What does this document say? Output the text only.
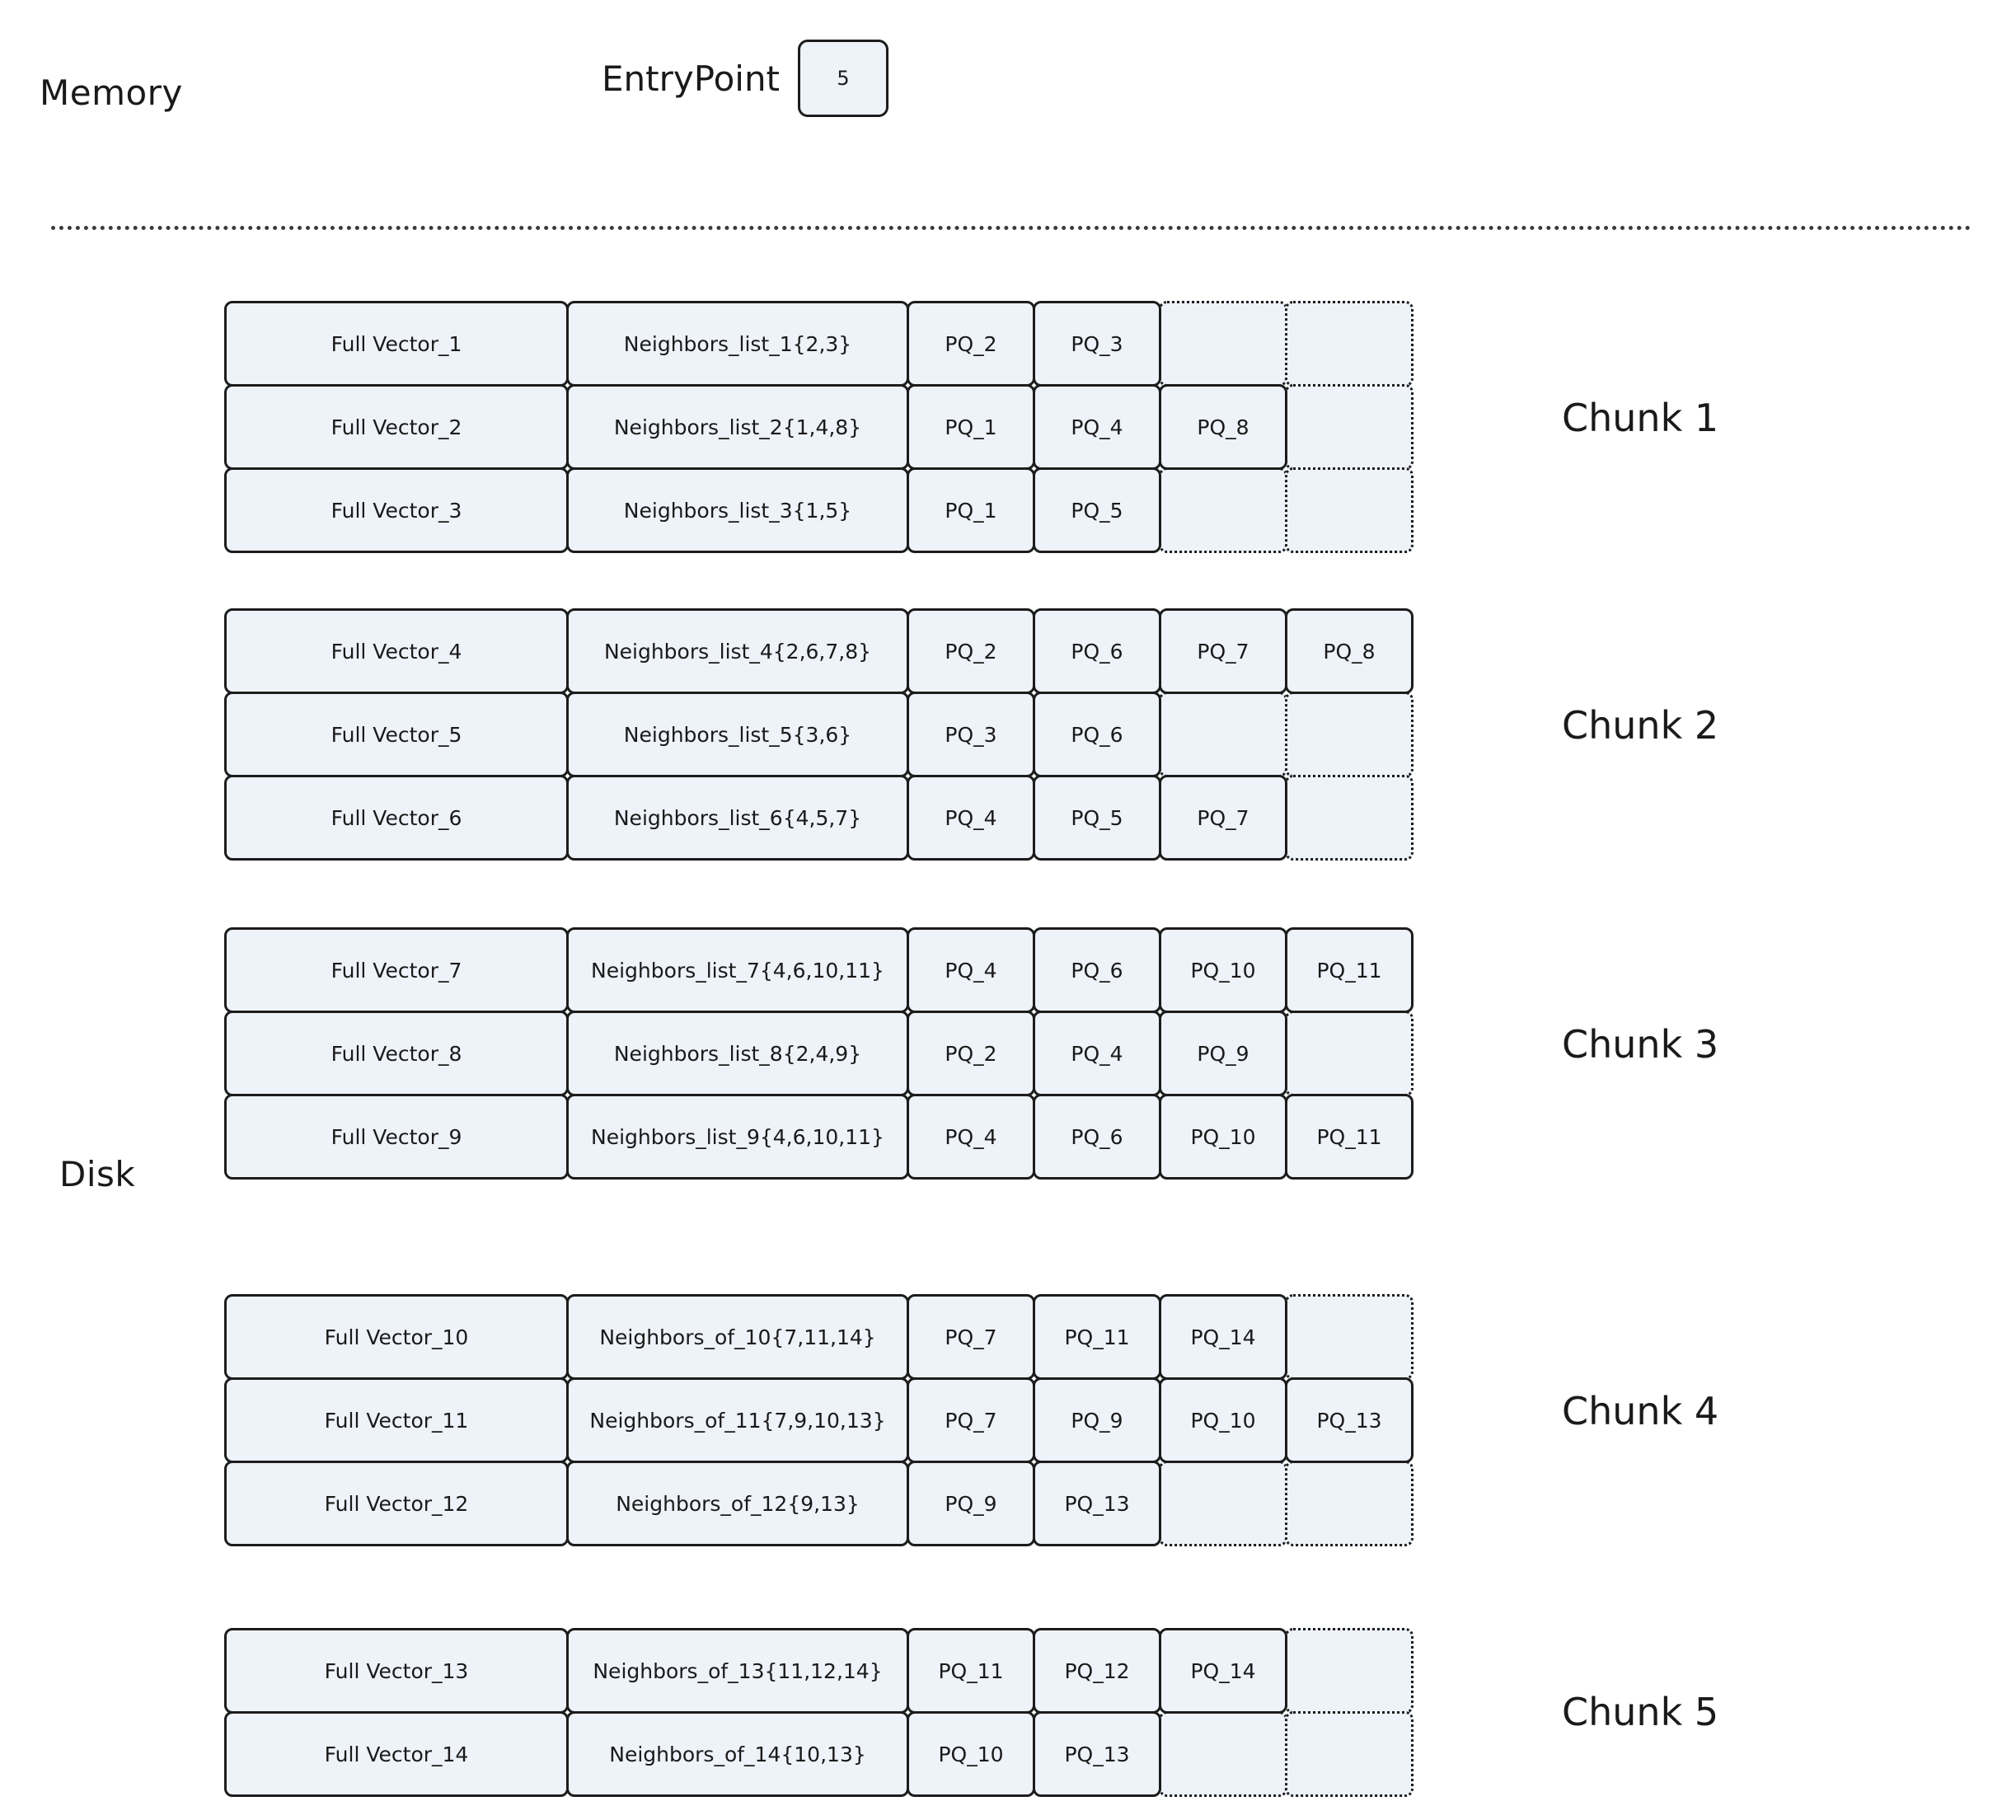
Memory
Disk
EntryPoint	5
Full Vector_1	Neighbors_list_1{2,3}	PQ_2	PQ_3
Full Vector_2	Neighbors_list_2{1,4,8}	PQ_1	PQ_4	PQ_8
Full Vector_3	Neighbors_list_3{1,5}	PQ_1	PQ_5
Chunk 1
Full Vector_4	Neighbors_list_4{2,6,7,8}	PQ_2	PQ_6	PQ_7	PQ_8
Full Vector_5	Neighbors_list_5{3,6}	PQ_3	PQ_6
Full Vector_6	Neighbors_list_6{4,5,7}	PQ_4	PQ_5	PQ_7
Chunk 2
Full Vector_7	Neighbors_list_7{4,6,10,11}	PQ_4	PQ_6	PQ_10	PQ_11
Full Vector_8	Neighbors_list_8{2,4,9}	PQ_2	PQ_4	PQ_9
Full Vector_9	Neighbors_list_9{4,6,10,11}	PQ_4	PQ_6	PQ_10	PQ_11
Chunk 3
Full Vector_10	Neighbors_of_10{7,11,14}	PQ_7	PQ_11	PQ_14
Full Vector_11	Neighbors_of_11{7,9,10,13}	PQ_7	PQ_9	PQ_10	PQ_13
Full Vector_12	Neighbors_of_12{9,13}	PQ_9	PQ_13
Chunk 4
Full Vector_13	Neighbors_of_13{11,12,14}	PQ_11	PQ_12	PQ_14
Full Vector_14	Neighbors_of_14{10,13}	PQ_10	PQ_13
Chunk 5
